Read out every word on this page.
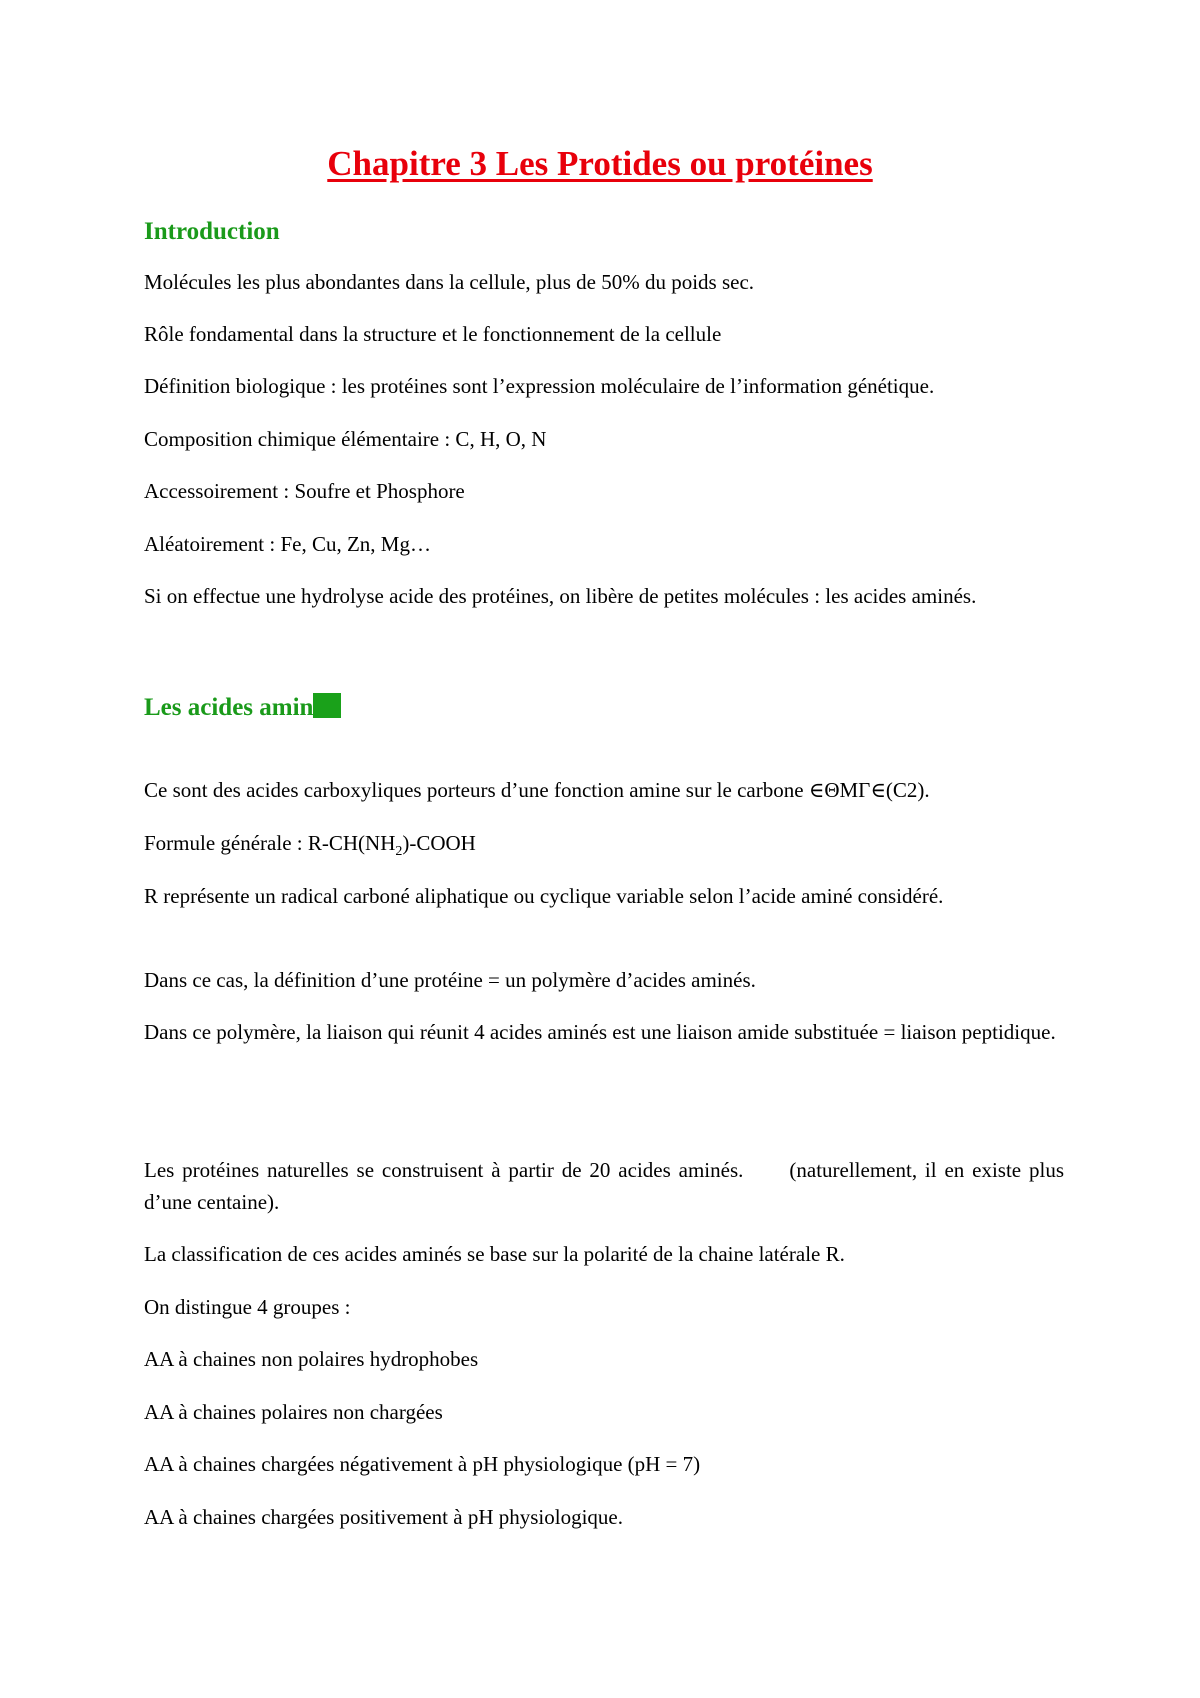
Chapitre 3 Les Protides ou protéines
Introduction

Molécules les plus abondantes dans la cellule, plus de 50% du poids sec.

Rôle fondamental dans la structure et le fonctionnement de la cellule

Définition biologique : les protéines sont l’expression moléculaire de l’information génétique.

Composition chimique élémentaire : C, H, O, N

Accessoirement : Soufre et Phosphore

Aléatoirement : Fe, Cu, Zn, Mg…

Si on effectue une hydrolyse acide des protéines, on libère de petites molécules : les acides aminés.

Les acides amin

Ce sont des acides carboxyliques porteurs d’une fonction amine sur le carbone ∈ΘΜΓ∈(C2).

Formule générale : $R-CH(NH_2)$-COOH

R représente un radical carboné aliphatique ou cyclique variable selon l’acide aminé considéré.

Dans ce cas, la définition d’une protéine = un polymère d’acides aminés.

Dans ce polymère, la liaison qui réunit 4 acides aminés est une liaison amide substituée = liaison peptidique.

Les protéines naturelles se construisent à partir de 20 acides aminés. (naturellement, il en existe plus d’une centaine).

La classification de ces acides aminés se base sur la polarité de la chaine latérale R.

On distingue 4 groupes :

AA à chaines non polaires hydrophobes

AA à chaines polaires non chargées

AA à chaines chargées négativement à pH physiologique (pH = 7)

AA à chaines chargées positivement à pH physiologique.
